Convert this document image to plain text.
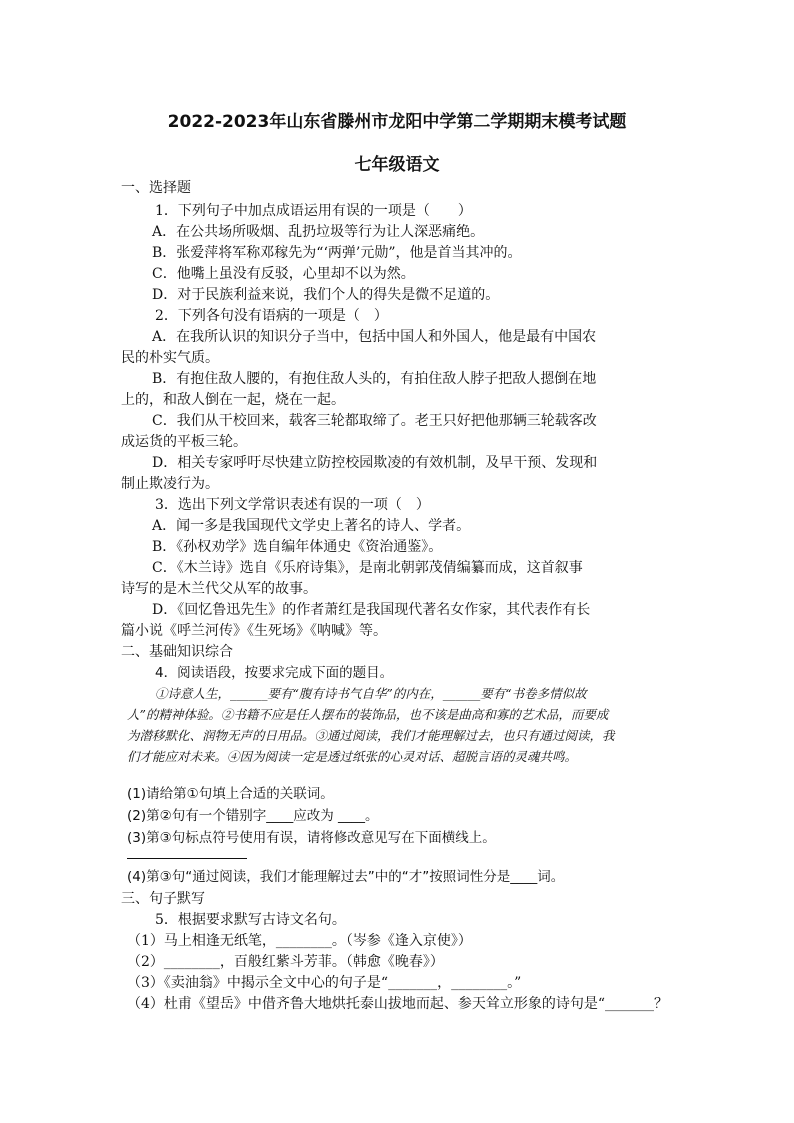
2022-2023年山东省滕州市龙阳中学第二学期期末模考试题
七年级语文
一、选择题
1．下列句子中加点成语运用有误的一项是（　　）
A．在公共场所吸烟、乱扔垃圾等行为让人深恶痛绝。
B．张爱萍将军称邓稼先为“‘两弹’元勋”，他是首当其冲的。
C．他嘴上虽没有反驳，心里却不以为然。
D．对于民族利益来说，我们个人的得失是微不足道的。
2．下列各句没有语病的一项是（　）
A．在我所认识的知识分子当中，包括中国人和外国人，他是最有中国农
民的朴实气质。
B．有抱住敌人腰的，有抱住敌人头的，有拍住敌人脖子把敌人摁倒在地
上的，和敌人倒在一起，烧在一起。
C．我们从干校回来，载客三轮都取缔了。老王只好把他那辆三轮载客改
成运货的平板三轮。
D．相关专家呼吁尽快建立防控校园欺凌的有效机制，及早干预、发现和
制止欺凌行为。
3．选出下列文学常识表述有误的一项（　）
A．闻一多是我国现代文学史上著名的诗人、学者。
B．《孙权劝学》选自编年体通史《资治通鉴》。
C．《木兰诗》选自《乐府诗集》，是南北朝郭茂倩编纂而成，这首叙事
诗写的是木兰代父从军的故事。
D．《回忆鲁迅先生》的作者萧红是我国现代著名女作家，其代表作有长
篇小说《呼兰河传》《生死场》《呐喊》等。
二、基础知识综合
4．阅读语段，按要求完成下面的题目。
①诗意人生，______要有“腹有诗书气自华”的内在，______要有“书卷多情似故
人”的精神体验。②书籍不应是任人摆布的装饰品，也不该是曲高和寡的艺术品，而要成
为潜移默化、润物无声的日用品。③通过阅读，我们才能理解过去，也只有通过阅读，我
们才能应对未来。④因为阅读一定是透过纸张的心灵对话、超脱言语的灵魂共鸣。
(1)请给第①句填上合适的关联词。
(2)第②句有一个错别字____应改为 ____。
(3)第③句标点符号使用有误，请将修改意见写在下面横线上。
(4)第③句“通过阅读，我们才能理解过去”中的“才”按照词性分是____词。
三、句子默写
5．根据要求默写古诗文名句。
（1）马上相逢无纸笔，________。（岑参《逢入京使》）
（2）________，百般红紫斗芳菲。（韩愈《晚春》）
（3）《卖油翁》中揭示全文中心的句子是“_______，________。”
（4）杜甫《望岳》中借齐鲁大地烘托泰山拔地而起、参天耸立形象的诗句是“_______？
